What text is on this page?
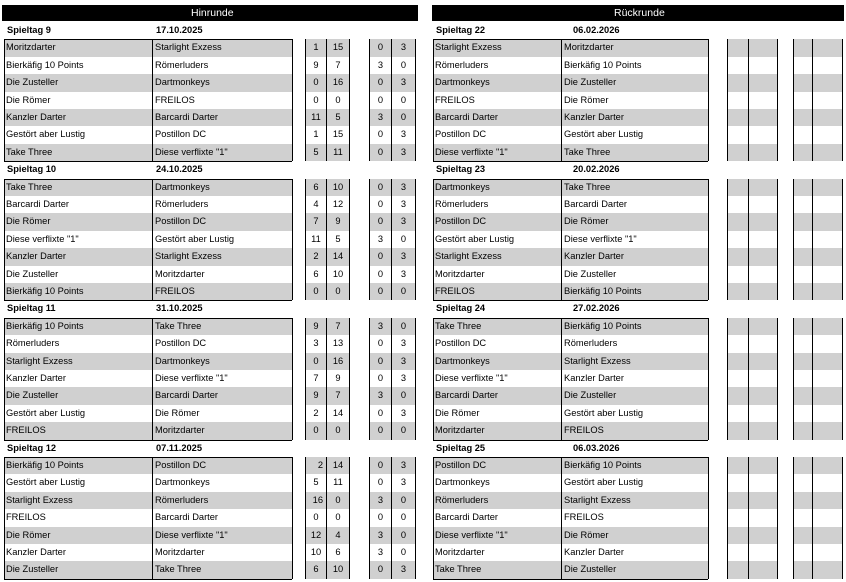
Hinrunde	Rückrunde
Spieltag 9	17.10.2025	Spieltag 22	06.02.2026
Moritzdarter	Starlight Exzess	1	15	0	3	Starlight Exzess	Moritzdarter
Bierkäfig 10 Points	Römerluders	9	7	3	0	Römerluders	Bierkäfig 10 Points
Die Zusteller	Dartmonkeys	0	16	0	3	Dartmonkeys	Die Zusteller
Die Römer	FREILOS	0	0	0	0	FREILOS	Die Römer
Kanzler Darter	Barcardi Darter	11	5	3	0	Barcardi Darter	Kanzler Darter
Gestört aber Lustig	Postillon DC	1	15	0	3	Postillon DC	Gestört aber Lustig
Take Three	Diese verflixte "1"	5	11	0	3	Diese verflixte "1"	Take Three
Spieltag 10	24.10.2025	Spieltag 23	20.02.2026
Take Three	Dartmonkeys	6	10	0	3	Dartmonkeys	Take Three
Barcardi Darter	Römerluders	4	12	0	3	Römerluders	Barcardi Darter
Die Römer	Postillon DC	7	9	0	3	Postillon DC	Die Römer
Diese verflixte "1"	Gestört aber Lustig	11	5	3	0	Gestört aber Lustig	Diese verflixte "1"
Kanzler Darter	Starlight Exzess	2	14	0	3	Starlight Exzess	Kanzler Darter
Die Zusteller	Moritzdarter	6	10	0	3	Moritzdarter	Die Zusteller
Bierkäfig 10 Points	FREILOS	0	0	0	0	FREILOS	Bierkäfig 10 Points
Spieltag 11	31.10.2025	Spieltag 24	27.02.2026
Bierkäfig 10 Points	Take Three	9	7	3	0	Take Three	Bierkäfig 10 Points
Römerluders	Postillon DC	3	13	0	3	Postillon DC	Römerluders
Starlight Exzess	Dartmonkeys	0	16	0	3	Dartmonkeys	Starlight Exzess
Kanzler Darter	Diese verflixte "1"	7	9	0	3	Diese verflixte "1"	Kanzler Darter
Die Zusteller	Barcardi Darter	9	7	3	0	Barcardi Darter	Die Zusteller
Gestört aber Lustig	Die Römer	2	14	0	3	Die Römer	Gestört aber Lustig
FREILOS	Moritzdarter	0	0	0	0	Moritzdarter	FREILOS
Spieltag 12	07.11.2025	Spieltag 25	06.03.2026
Bierkäfig 10 Points	Postillon DC	2	14	0	3	Postillon DC	Bierkäfig 10 Points
Gestört aber Lustig	Dartmonkeys	5	11	0	3	Dartmonkeys	Gestört aber Lustig
Starlight Exzess	Römerluders	16	0	3	0	Römerluders	Starlight Exzess
FREILOS	Barcardi Darter	0	0	0	0	Barcardi Darter	FREILOS
Die Römer	Diese verflixte "1"	12	4	3	0	Diese verflixte "1"	Die Römer
Kanzler Darter	Moritzdarter	10	6	3	0	Moritzdarter	Kanzler Darter
Die Zusteller	Take Three	6	10	0	3	Take Three	Die Zusteller
